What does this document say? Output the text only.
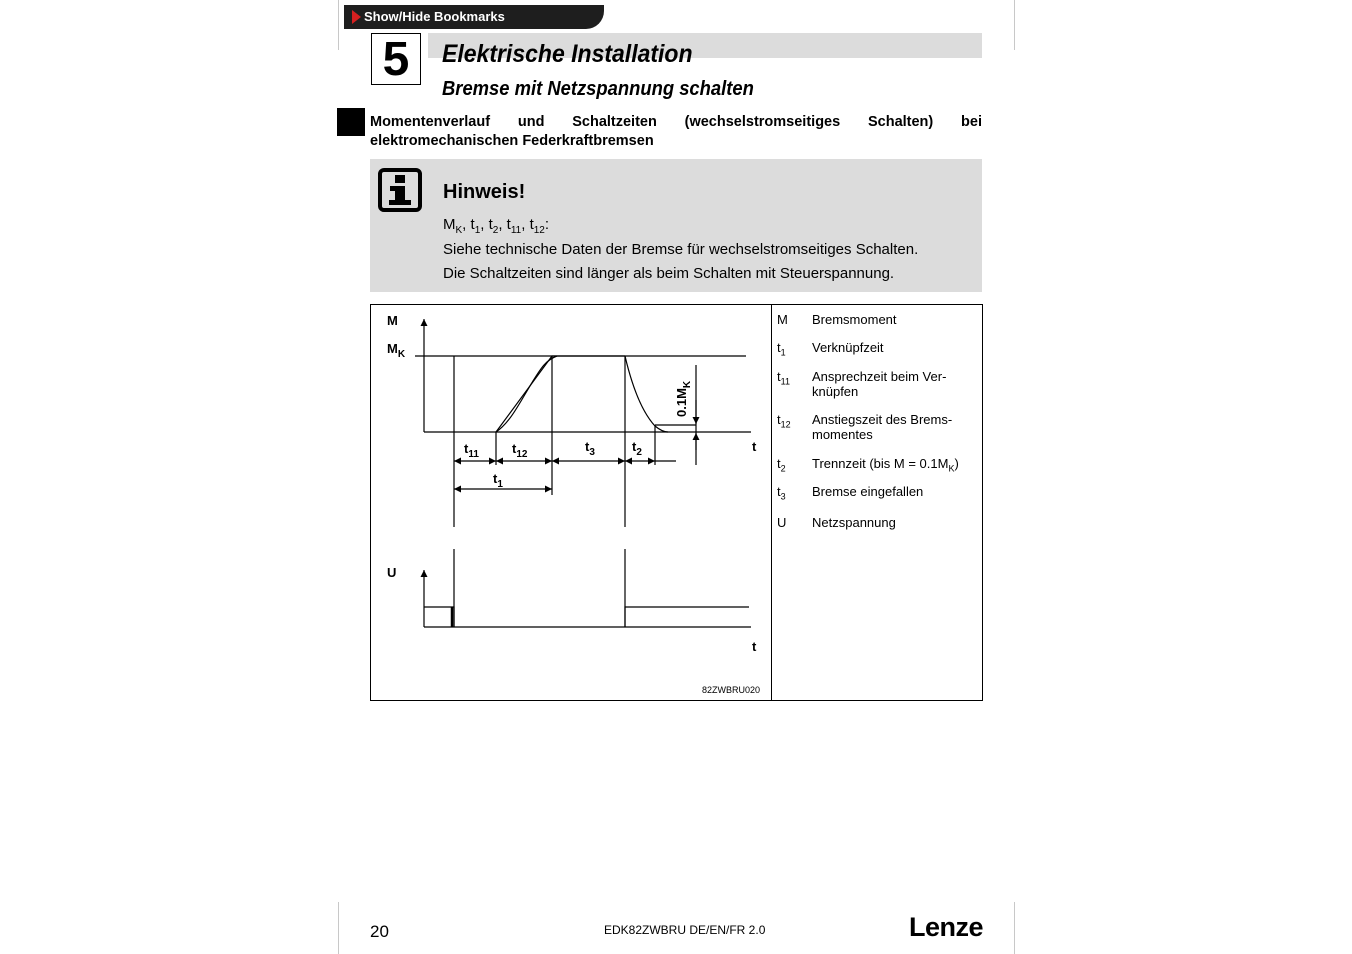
Show/Hide Bookmarks
5	Elektrische Installation
Bremse mit Netzspannung schalten
Momentenverlauf und Schaltzeiten (wechselstromseitiges Schalten) bei elektromechanischen Federkraftbremsen
Hinweis!
$M_K$, $t_1$, $t_2$, $t_{11}$, $t_{12}$:
Siehe technische Daten der Bremse für wechselstromseitiges Schalten.
Die Schaltzeiten sind länger als beim Schalten mit Steuerspannung.
M
$M_K$
U
t
t
$t_{11}$	$t_{12}$
$t_3$	$t_2$
$t_1$
$0.1M_K$
82ZWBRU020
M	Bremsmoment
$t_1$	Verknüpfzeit
$t_{11}$	Ansprechzeit beim Verknüpfen
$t_{12}$	Anstiegszeit des Bremsmomentes
$t_2$	Trennzeit (bis $M = 0.1M_K$)
$t_3$	Bremse eingefallen
U	Netzspannung
20	EDK82ZWBRU DE/EN/FR 2.0	Lenze
